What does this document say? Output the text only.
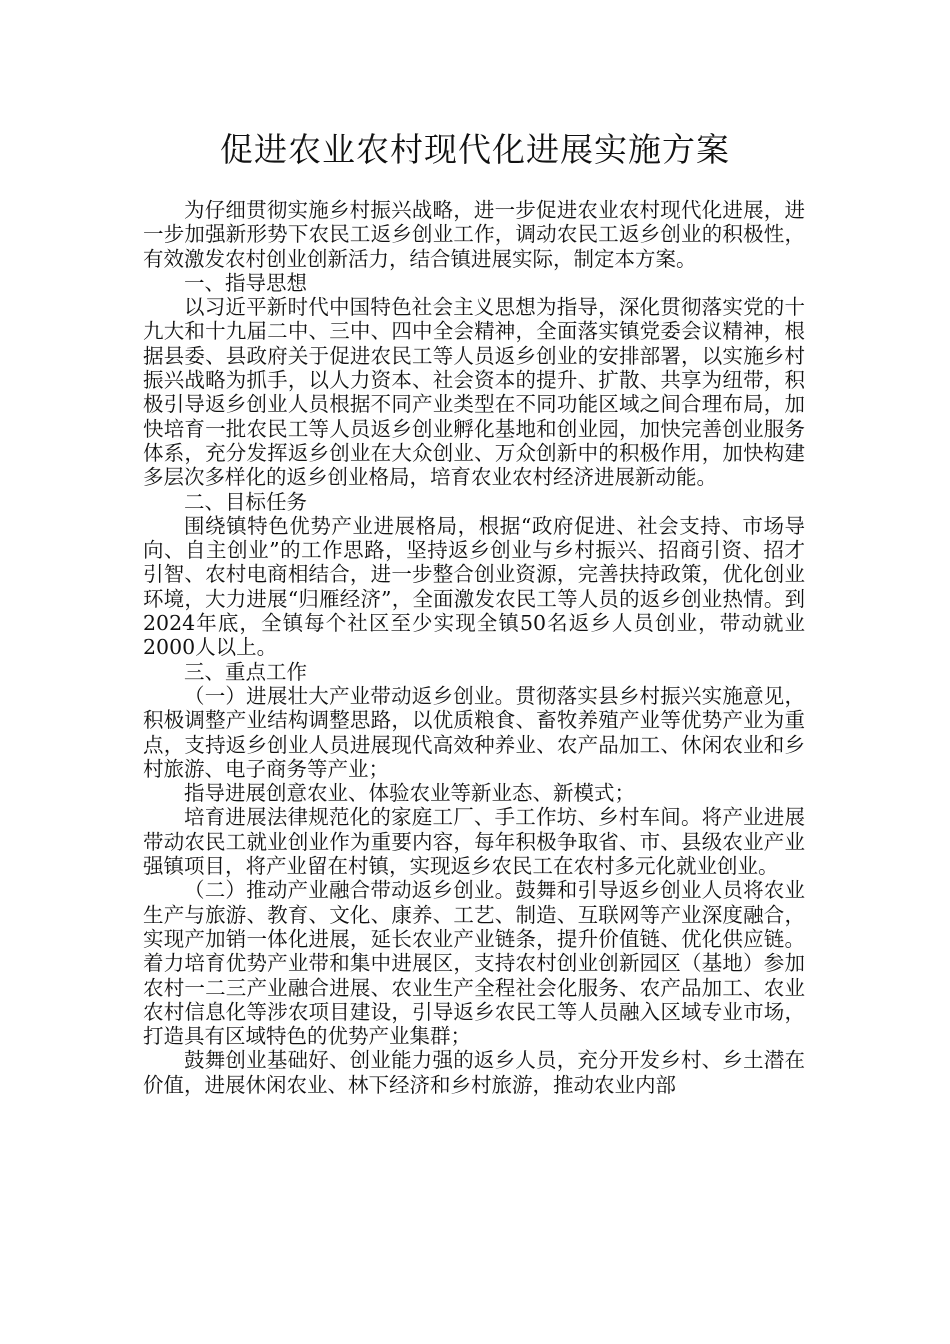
促进农业农村现代化进展实施方案

为仔细贯彻实施乡村振兴战略，进一步促进农业农村现代化进展，进一步加强新形势下农民工返乡创业工作，调动农民工返乡创业的积极性，有效激发农村创业创新活力，结合镇进展实际，制定本方案。

一、指导思想

以习近平新时代中国特色社会主义思想为指导，深化贯彻落实党的十九大和十九届二中、三中、四中全会精神，全面落实镇党委会议精神，根据县委、县政府关于促进农民工等人员返乡创业的安排部署，以实施乡村振兴战略为抓手，以人力资本、社会资本的提升、扩散、共享为纽带，积极引导返乡创业人员根据不同产业类型在不同功能区域之间合理布局，加快培育一批农民工等人员返乡创业孵化基地和创业园，加快完善创业服务体系，充分发挥返乡创业在大众创业、万众创新中的积极作用，加快构建多层次多样化的返乡创业格局，培育农业农村经济进展新动能。

二、目标任务

围绕镇特色优势产业进展格局，根据“政府促进、社会支持、市场导向、自主创业”的工作思路，坚持返乡创业与乡村振兴、招商引资、招才引智、农村电商相结合，进一步整合创业资源，完善扶持政策，优化创业环境，大力进展“归雁经济”，全面激发农民工等人员的返乡创业热情。到2024年底，全镇每个社区至少实现全镇50名返乡人员创业，带动就业2000人以上。

三、重点工作

（一）进展壮大产业带动返乡创业。贯彻落实县乡村振兴实施意见，积极调整产业结构调整思路，以优质粮食、畜牧养殖产业等优势产业为重点，支持返乡创业人员进展现代高效种养业、农产品加工、休闲农业和乡村旅游、电子商务等产业；

指导进展创意农业、体验农业等新业态、新模式；

培育进展法律规范化的家庭工厂、手工作坊、乡村车间。将产业进展带动农民工就业创业作为重要内容，每年积极争取省、市、县级农业产业强镇项目，将产业留在村镇，实现返乡农民工在农村多元化就业创业。

（二）推动产业融合带动返乡创业。鼓舞和引导返乡创业人员将农业生产与旅游、教育、文化、康养、工艺、制造、互联网等产业深度融合，实现产加销一体化进展，延长农业产业链条，提升价值链、优化供应链。着力培育优势产业带和集中进展区，支持农村创业创新园区（基地）参加农村一二三产业融合进展、农业生产全程社会化服务、农产品加工、农业农村信息化等涉农项目建设，引导返乡农民工等人员融入区域专业市场，打造具有区域特色的优势产业集群；

鼓舞创业基础好、创业能力强的返乡人员，充分开发乡村、乡土潜在价值，进展休闲农业、林下经济和乡村旅游，推动农业内部
